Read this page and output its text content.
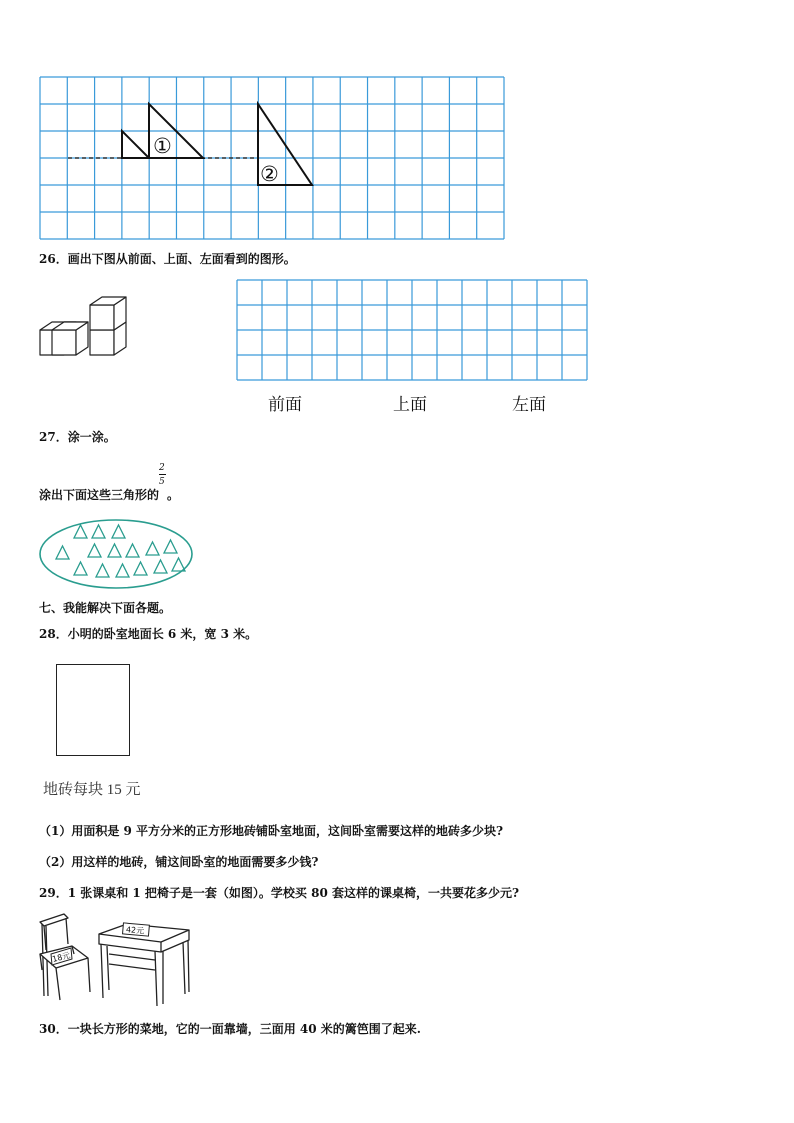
①
②
26．画出下图从前面、上面、左面看到的图形。
前面	上面	左面
27．涂一涂。
涂出下面这些三角形的 $\frac{2}{5}$ 。
七、我能解决下面各题。
28．小明的卧室地面长 6 米，宽 3 米。
地砖每块 15 元
（1）用面积是 9 平方分米的正方形地砖铺卧室地面，这间卧室需要这样的地砖多少块?
（2）用这样的地砖，铺这间卧室的地面需要多少钱?
29．1 张课桌和 1 把椅子是一套（如图）。学校买 80 套这样的课桌椅，一共要花多少元?
18元
42元
30．一块长方形的菜地，它的一面靠墙，三面用 40 米的篱笆围了起来.
